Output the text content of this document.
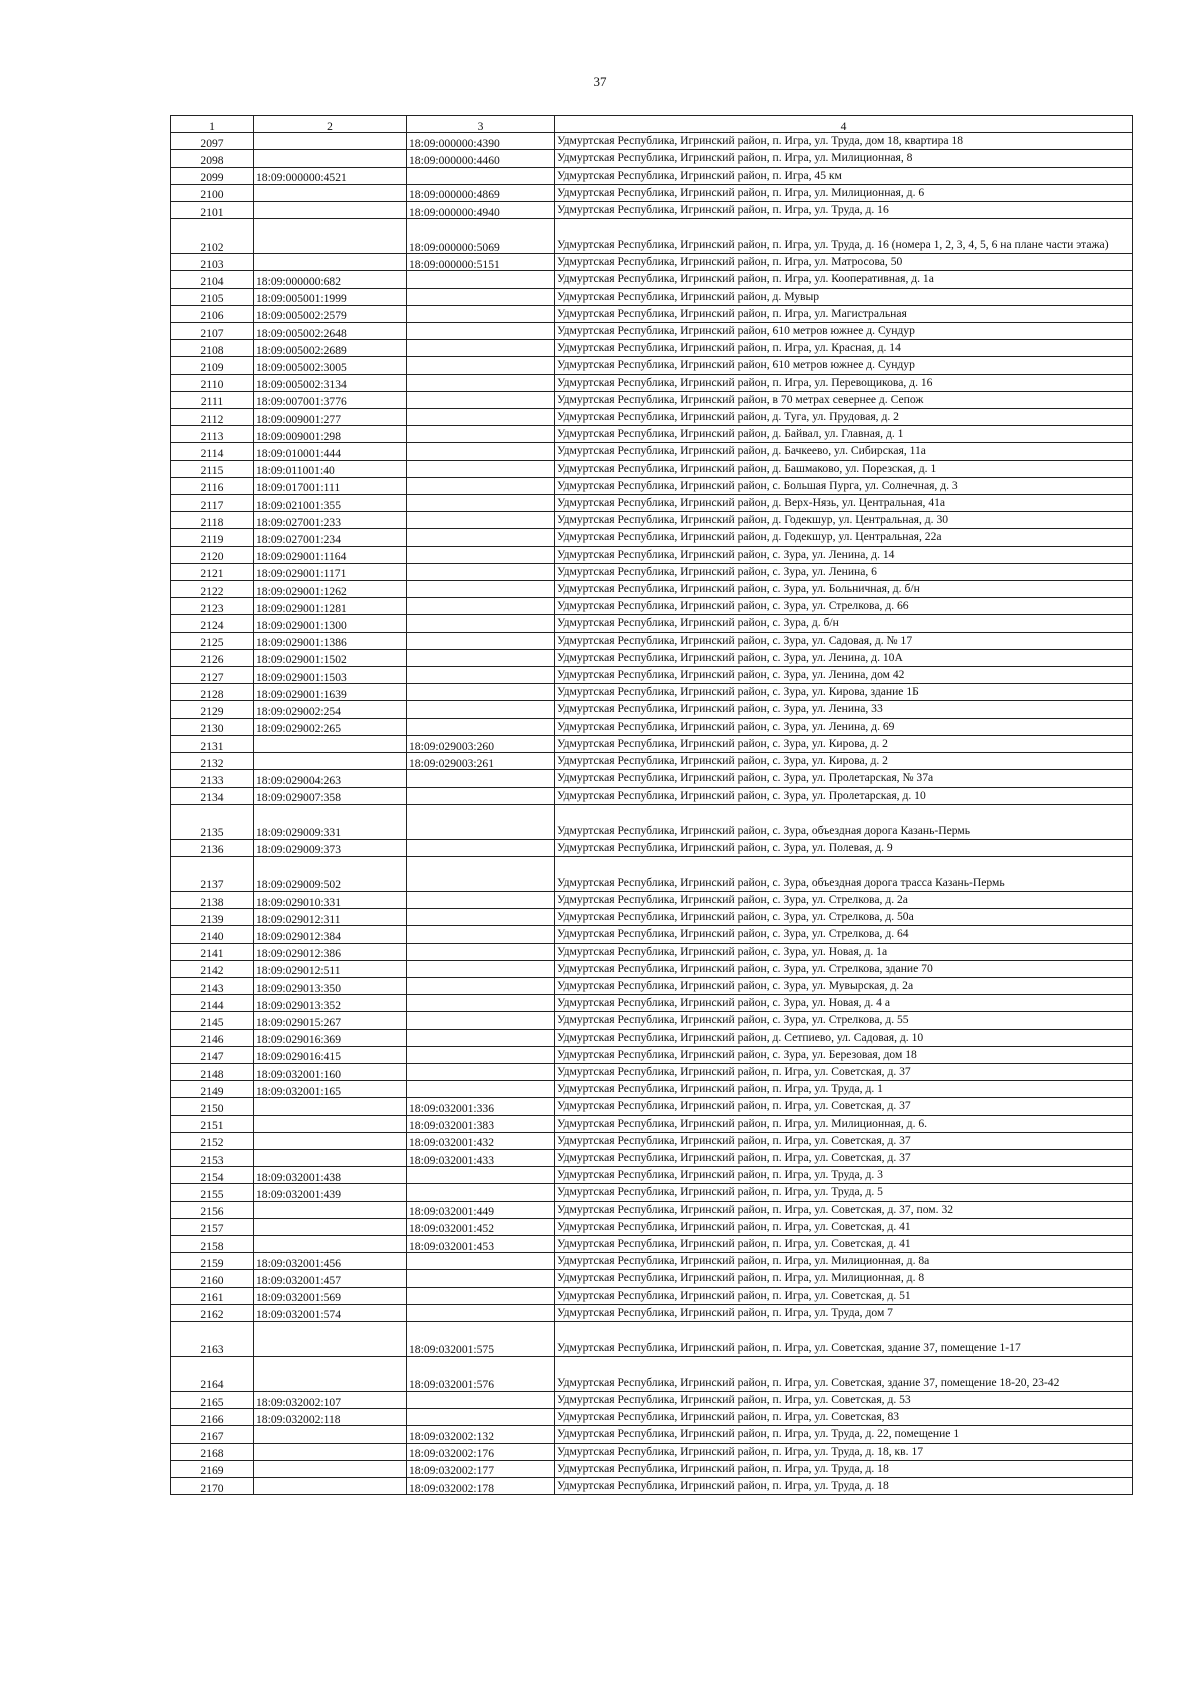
37
1	2	3	4
2097		18:09:000000:4390	Удмуртская Республика, Игринский район, п. Игра, ул. Труда, дом 18, квартира 18
2098		18:09:000000:4460	Удмуртская Республика, Игринский район, п. Игра, ул. Милиционная, 8
2099	18:09:000000:4521		Удмуртская Республика, Игринский район, п. Игра, 45 км
2100		18:09:000000:4869	Удмуртская Республика, Игринский район, п. Игра, ул. Милиционная, д. 6
2101		18:09:000000:4940	Удмуртская Республика, Игринский район, п. Игра, ул. Труда, д. 16
2102		18:09:000000:5069	Удмуртская Республика, Игринский район, п. Игра, ул. Труда, д. 16 (номера 1, 2, 3, 4, 5, 6 на плане части этажа)
2103		18:09:000000:5151	Удмуртская Республика, Игринский район, п. Игра, ул. Матросова, 50
2104	18:09:000000:682		Удмуртская Республика, Игринский район, п. Игра, ул. Кооперативная, д. 1а
2105	18:09:005001:1999		Удмуртская Республика, Игринский район, д. Мувыр
2106	18:09:005002:2579		Удмуртская Республика, Игринский район, п. Игра, ул. Магистральная
2107	18:09:005002:2648		Удмуртская Республика, Игринский район, 610 метров южнее д. Сундур
2108	18:09:005002:2689		Удмуртская Республика, Игринский район, п. Игра, ул. Красная, д. 14
2109	18:09:005002:3005		Удмуртская Республика, Игринский район, 610 метров южнее д. Сундур
2110	18:09:005002:3134		Удмуртская Республика, Игринский район, п. Игра, ул. Перевощикова, д. 16
2111	18:09:007001:3776		Удмуртская Республика, Игринский район, в 70 метрах севернее д. Сепож
2112	18:09:009001:277		Удмуртская Республика, Игринский район, д. Туга, ул. Прудовая, д. 2
2113	18:09:009001:298		Удмуртская Республика, Игринский район, д. Байвал, ул. Главная, д. 1
2114	18:09:010001:444		Удмуртская Республика, Игринский район, д. Бачкеево, ул. Сибирская, 11а
2115	18:09:011001:40		Удмуртская Республика, Игринский район, д. Башмаково, ул. Порезская, д. 1
2116	18:09:017001:111		Удмуртская Республика, Игринский район, с. Большая Пурга, ул. Солнечная, д. 3
2117	18:09:021001:355		Удмуртская Республика, Игринский район, д. Верх-Нязь, ул. Центральная, 41а
2118	18:09:027001:233		Удмуртская Республика, Игринский район, д. Годекшур, ул. Центральная, д. 30
2119	18:09:027001:234		Удмуртская Республика, Игринский район, д. Годекшур, ул. Центральная, 22а
2120	18:09:029001:1164		Удмуртская Республика, Игринский район, с. Зура, ул. Ленина, д. 14
2121	18:09:029001:1171		Удмуртская Республика, Игринский район, с. Зура, ул. Ленина, 6
2122	18:09:029001:1262		Удмуртская Республика, Игринский район, с. Зура, ул. Больничная, д. б/н
2123	18:09:029001:1281		Удмуртская Республика, Игринский район, с. Зура, ул. Стрелкова, д. 66
2124	18:09:029001:1300		Удмуртская Республика, Игринский район, с. Зура, д. б/н
2125	18:09:029001:1386		Удмуртская Республика, Игринский район, с. Зура, ул. Садовая, д. № 17
2126	18:09:029001:1502		Удмуртская Республика, Игринский район, с. Зура, ул. Ленина, д. 10А
2127	18:09:029001:1503		Удмуртская Республика, Игринский район, с. Зура, ул. Ленина, дом 42
2128	18:09:029001:1639		Удмуртская Республика, Игринский район, с. Зура, ул. Кирова, здание 1Б
2129	18:09:029002:254		Удмуртская Республика, Игринский район, с. Зура, ул. Ленина, 33
2130	18:09:029002:265		Удмуртская Республика, Игринский район, с. Зура, ул. Ленина, д. 69
2131		18:09:029003:260	Удмуртская Республика, Игринский район, с. Зура, ул. Кирова, д. 2
2132		18:09:029003:261	Удмуртская Республика, Игринский район, с. Зура, ул. Кирова, д. 2
2133	18:09:029004:263		Удмуртская Республика, Игринский район, с. Зура, ул. Пролетарская, № 37а
2134	18:09:029007:358		Удмуртская Республика, Игринский район, с. Зура, ул. Пролетарская, д. 10
2135	18:09:029009:331		Удмуртская Республика, Игринский район, с. Зура, объездная дорога Казань-Пермь
2136	18:09:029009:373		Удмуртская Республика, Игринский район, с. Зура, ул. Полевая, д. 9
2137	18:09:029009:502		Удмуртская Республика, Игринский район, с. Зура, объездная дорога трасса Казань-Пермь
2138	18:09:029010:331		Удмуртская Республика, Игринский район, с. Зура, ул. Стрелкова, д. 2а
2139	18:09:029012:311		Удмуртская Республика, Игринский район, с. Зура, ул. Стрелкова, д. 50а
2140	18:09:029012:384		Удмуртская Республика, Игринский район, с. Зура, ул. Стрелкова, д. 64
2141	18:09:029012:386		Удмуртская Республика, Игринский район, с. Зура, ул. Новая, д. 1а
2142	18:09:029012:511		Удмуртская Республика, Игринский район, с. Зура, ул. Стрелкова, здание 70
2143	18:09:029013:350		Удмуртская Республика, Игринский район, с. Зура, ул. Мувырская, д. 2а
2144	18:09:029013:352		Удмуртская Республика, Игринский район, с. Зура, ул. Новая, д. 4 а
2145	18:09:029015:267		Удмуртская Республика, Игринский район, с. Зура, ул. Стрелкова, д. 55
2146	18:09:029016:369		Удмуртская Республика, Игринский район, д. Сетпиево, ул. Садовая, д. 10
2147	18:09:029016:415		Удмуртская Республика, Игринский район, с. Зура, ул. Березовая, дом 18
2148	18:09:032001:160		Удмуртская Республика, Игринский район, п. Игра, ул. Советская, д. 37
2149	18:09:032001:165		Удмуртская Республика, Игринский район, п. Игра, ул. Труда, д. 1
2150		18:09:032001:336	Удмуртская Республика, Игринский район, п. Игра, ул. Советская, д. 37
2151		18:09:032001:383	Удмуртская Республика, Игринский район, п. Игра, ул. Милиционная, д. 6.
2152		18:09:032001:432	Удмуртская Республика, Игринский район, п. Игра, ул. Советская, д. 37
2153		18:09:032001:433	Удмуртская Республика, Игринский район, п. Игра, ул. Советская, д. 37
2154	18:09:032001:438		Удмуртская Республика, Игринский район, п. Игра, ул. Труда, д. 3
2155	18:09:032001:439		Удмуртская Республика, Игринский район, п. Игра, ул. Труда, д. 5
2156		18:09:032001:449	Удмуртская Республика, Игринский район, п. Игра, ул. Советская, д. 37, пом. 32
2157		18:09:032001:452	Удмуртская Республика, Игринский район, п. Игра, ул. Советская, д. 41
2158		18:09:032001:453	Удмуртская Республика, Игринский район, п. Игра, ул. Советская, д. 41
2159	18:09:032001:456		Удмуртская Республика, Игринский район, п. Игра, ул. Милиционная, д. 8а
2160	18:09:032001:457		Удмуртская Республика, Игринский район, п. Игра, ул. Милиционная, д. 8
2161	18:09:032001:569		Удмуртская Республика, Игринский район, п. Игра, ул. Советская, д. 51
2162	18:09:032001:574		Удмуртская Республика, Игринский район, п. Игра, ул. Труда, дом 7
2163		18:09:032001:575	Удмуртская Республика, Игринский район, п. Игра, ул. Советская, здание 37, помещение 1-17
2164		18:09:032001:576	Удмуртская Республика, Игринский район, п. Игра, ул. Советская, здание 37, помещение 18-20, 23-42
2165	18:09:032002:107		Удмуртская Республика, Игринский район, п. Игра, ул. Советская, д. 53
2166	18:09:032002:118		Удмуртская Республика, Игринский район, п. Игра, ул. Советская, 83
2167		18:09:032002:132	Удмуртская Республика, Игринский район, п. Игра, ул. Труда, д. 22, помещение 1
2168		18:09:032002:176	Удмуртская Республика, Игринский район, п. Игра, ул. Труда, д. 18, кв. 17
2169		18:09:032002:177	Удмуртская Республика, Игринский район, п. Игра, ул. Труда, д. 18
2170		18:09:032002:178	Удмуртская Республика, Игринский район, п. Игра, ул. Труда, д. 18
